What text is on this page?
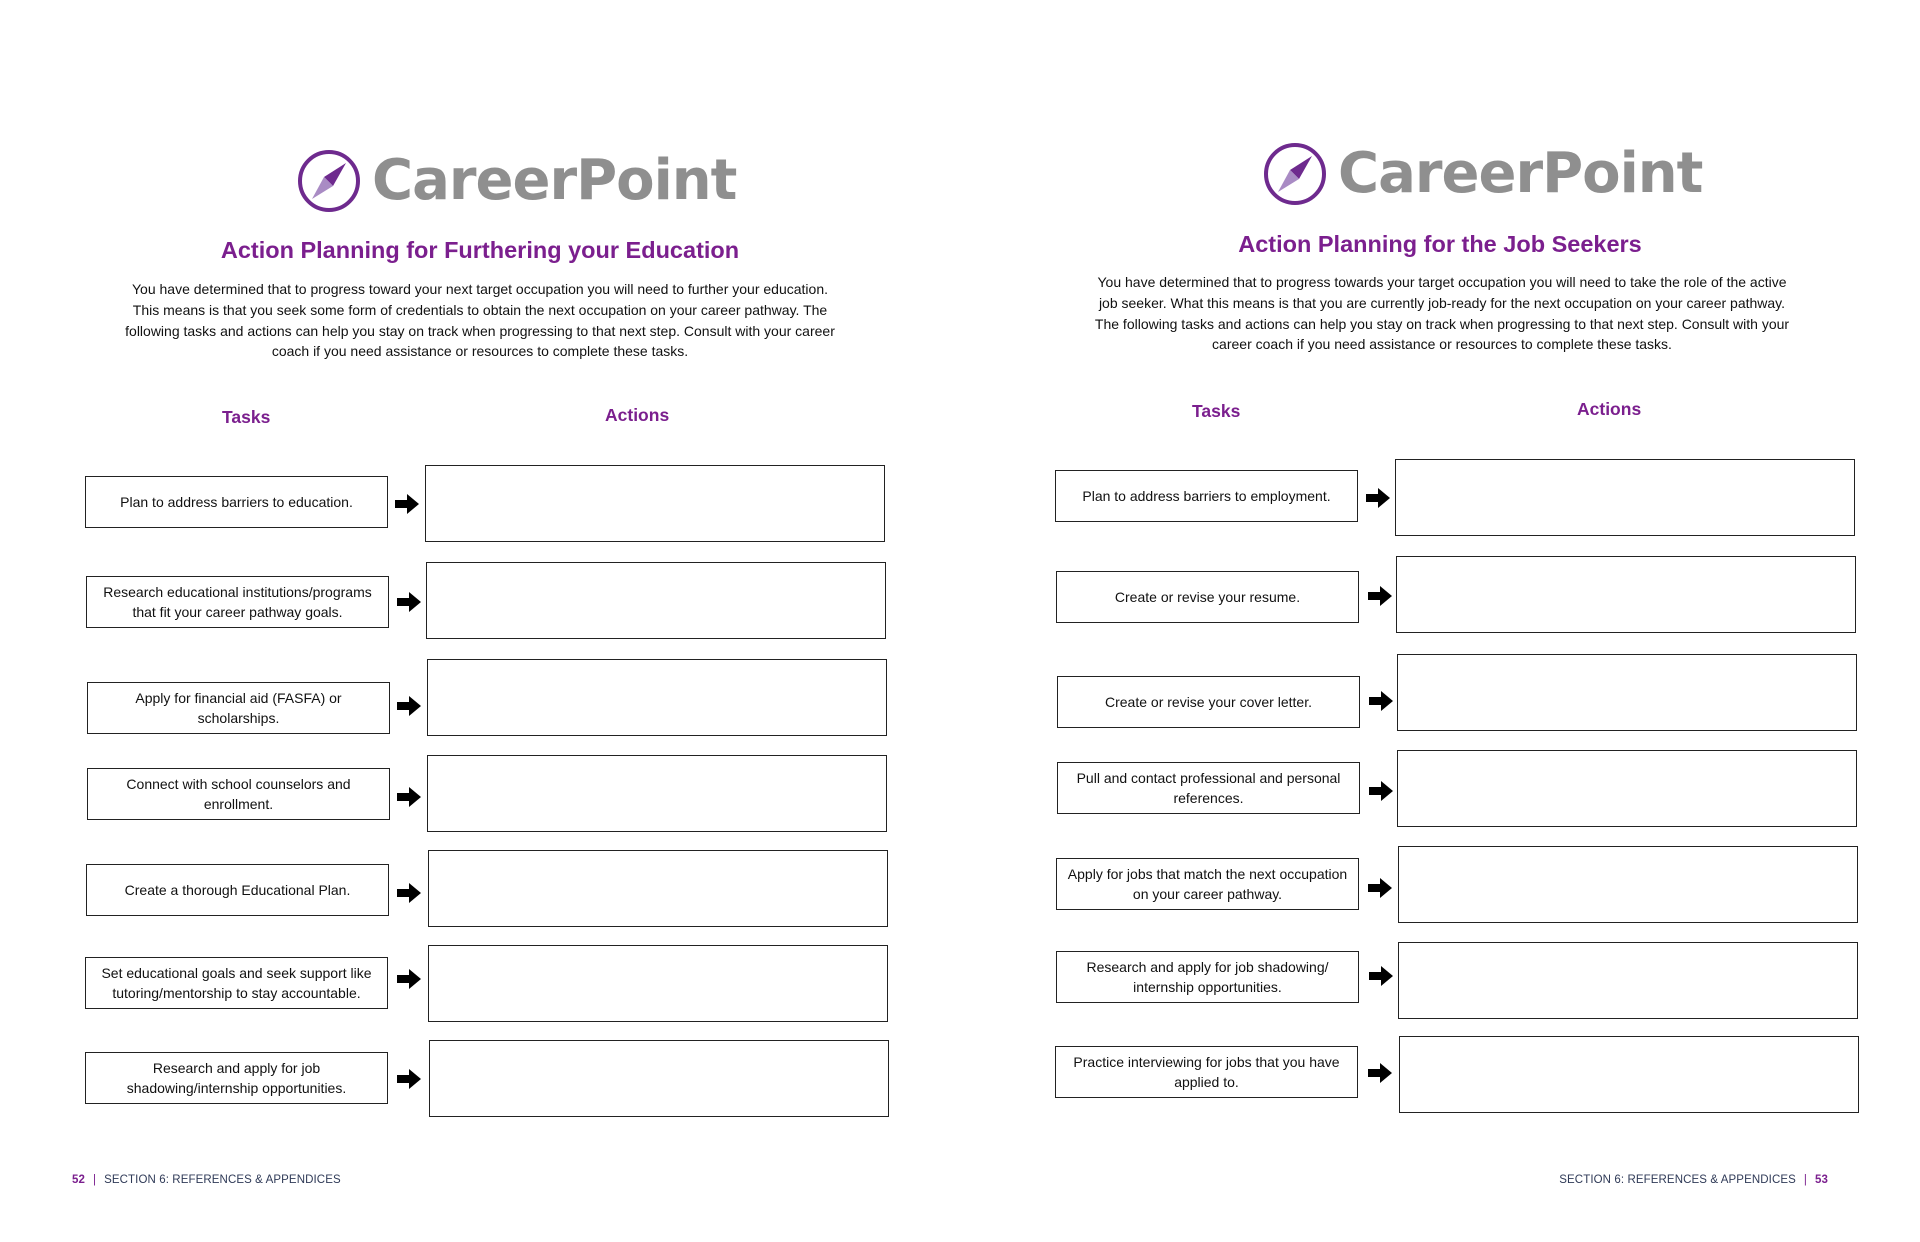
CareerPoint
Action Planning for Furthering your Education
You have determined that to progress toward your next target occupation you will need to further your education.
This means is that you seek some form of credentials to obtain the next occupation on your career pathway. The
following tasks and actions can help you stay on track when progressing to that next step. Consult with your career
coach if you need assistance or resources to complete these tasks.
Tasks	Actions
Plan to address barriers to education.
Research educational institutions/programs that fit your career pathway goals.
Apply for financial aid (FASFA) or scholarships.
Connect with school counselors and enrollment.
Create a thorough Educational Plan.
Set educational goals and seek support like tutoring/mentorship to stay accountable.
Research and apply for job shadowing/internship opportunities.
52 | SECTION 6: REFERENCES & APPENDICES
CareerPoint
Action Planning for the Job Seekers
You have determined that to progress towards your target occupation you will need to take the role of the active
job seeker. What this means is that you are currently job-ready for the next occupation on your career pathway.
The following tasks and actions can help you stay on track when progressing to that next step. Consult with your
career coach if you need assistance or resources to complete these tasks.
Tasks	Actions
Plan to address barriers to employment.
Create or revise your resume.
Create or revise your cover letter.
Pull and contact professional and personal references.
Apply for jobs that match the next occupation on your career pathway.
Research and apply for job shadowing/ internship opportunities.
Practice interviewing for jobs that you have applied to.
SECTION 6: REFERENCES & APPENDICES | 53
